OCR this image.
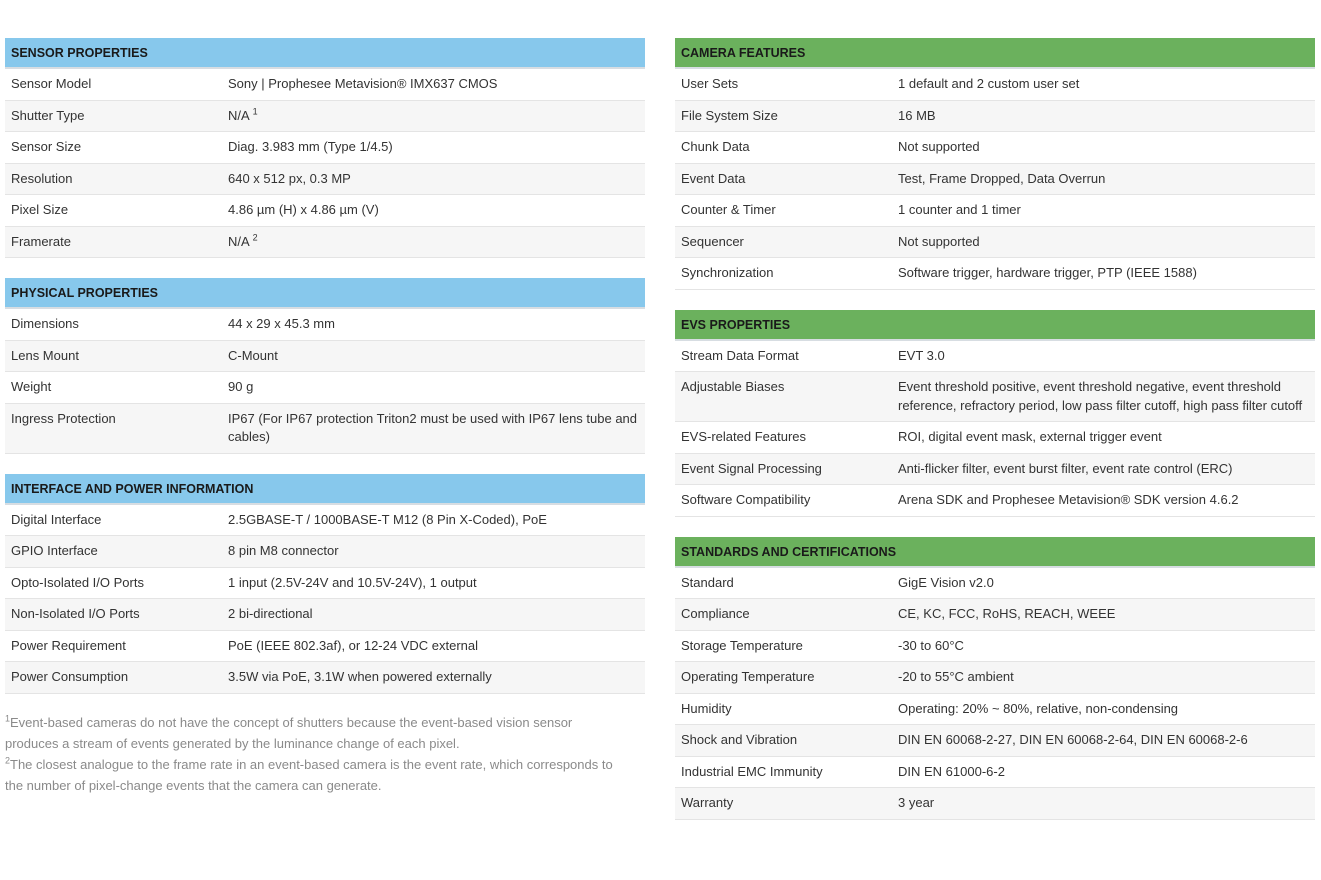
SENSOR PROPERTIES
Sensor Model	Sony | Prophesee Metavision® IMX637 CMOS
Shutter Type	N/A $^1$
Sensor Size	Diag. 3.983 mm (Type 1/4.5)
Resolution	640 x 512 px, 0.3 MP
Pixel Size	4.86 µm (H) x 4.86 µm (V)
Framerate	N/A $^2$
PHYSICAL PROPERTIES
Dimensions	44 x 29 x 45.3 mm
Lens Mount	C-Mount
Weight	90 g
Ingress Protection	IP67 (For IP67 protection Triton2 must be used with IP67 lens tube and cables)
INTERFACE AND POWER INFORMATION
Digital Interface	2.5GBASE-T / 1000BASE-T M12 (8 Pin X-Coded), PoE
GPIO Interface	8 pin M8 connector
Opto-Isolated I/O Ports	1 input (2.5V-24V and 10.5V-24V), 1 output
Non-Isolated I/O Ports	2 bi-directional
Power Requirement	PoE (IEEE 802.3af), or 12-24 VDC external
Power Consumption	3.5W via PoE, 3.1W when powered externally
$^1$Event-based cameras do not have the concept of shutters because the event-based vision sensor produces a stream of events generated by the luminance change of each pixel.
$^2$The closest analogue to the frame rate in an event-based camera is the event rate, which corresponds to the number of pixel-change events that the camera can generate.
CAMERA FEATURES
User Sets	1 default and 2 custom user set
File System Size	16 MB
Chunk Data	Not supported
Event Data	Test, Frame Dropped, Data Overrun
Counter & Timer	1 counter and 1 timer
Sequencer	Not supported
Synchronization	Software trigger, hardware trigger, PTP (IEEE 1588)
EVS PROPERTIES
Stream Data Format	EVT 3.0
Adjustable Biases	Event threshold positive, event threshold negative, event threshold reference, refractory period, low pass filter cutoff, high pass filter cutoff
EVS-related Features	ROI, digital event mask, external trigger event
Event Signal Processing	Anti-flicker filter, event burst filter, event rate control (ERC)
Software Compatibility	Arena SDK and Prophesee Metavision® SDK version 4.6.2
STANDARDS AND CERTIFICATIONS
Standard	GigE Vision v2.0
Compliance	CE, KC, FCC, RoHS, REACH, WEEE
Storage Temperature	-30 to 60°C
Operating Temperature	-20 to 55°C ambient
Humidity	Operating: 20% ~ 80%, relative, non-condensing
Shock and Vibration	DIN EN 60068-2-27, DIN EN 60068-2-64, DIN EN 60068-2-6
Industrial EMC Immunity	DIN EN 61000-6-2
Warranty	3 year
